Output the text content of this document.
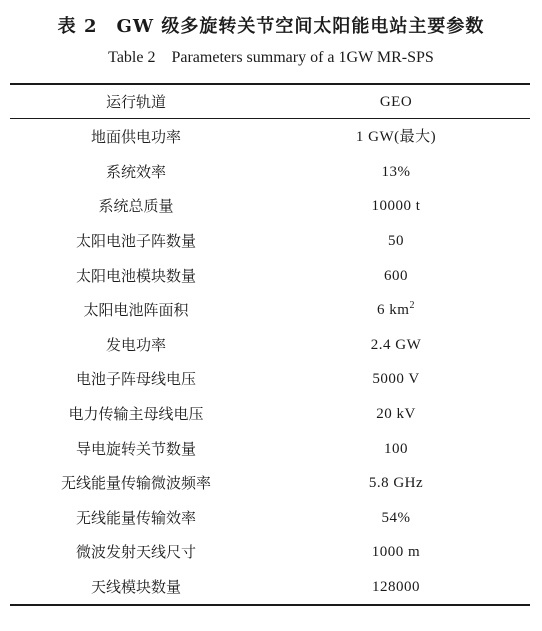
表 2　GW 级多旋转关节空间太阳能电站主要参数
Table 2　Parameters summary of a 1GW MR-SPS
运行轨道	GEO
地面供电功率	1 GW(最大)
系统效率	13%
系统总质量	10000 t
太阳电池子阵数量	50
太阳电池模块数量	600
太阳电池阵面积	6 $km^2$
发电功率	2.4 GW
电池子阵母线电压	5000 V
电力传输主母线电压	20 kV
导电旋转关节数量	100
无线能量传输微波频率	5.8 GHz
无线能量传输效率	54%
微波发射天线尺寸	1000 m
天线模块数量	128000
